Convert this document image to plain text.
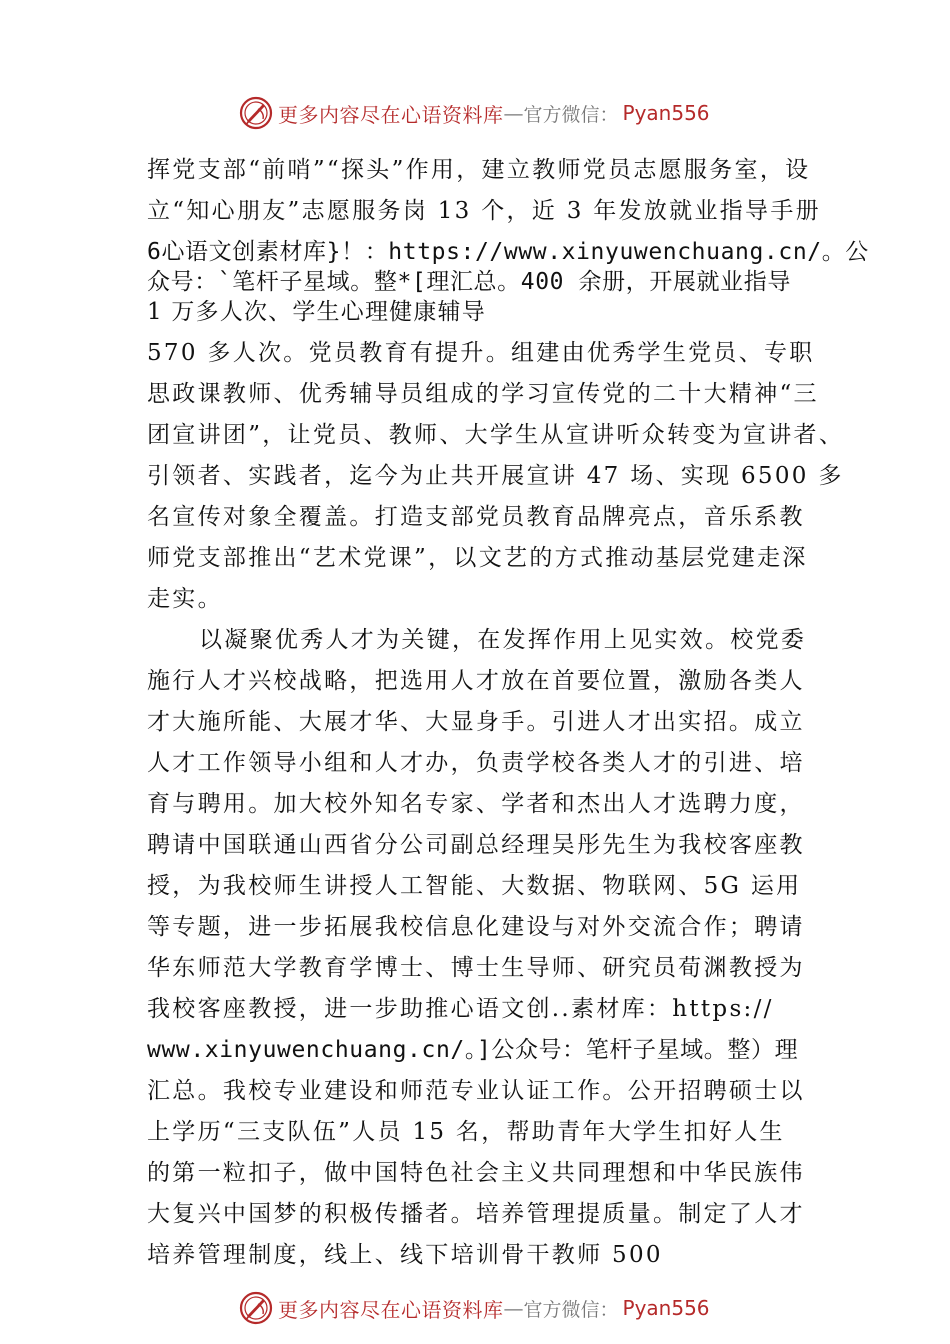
更多内容尽在心语资料库 — 官方微信： Pyan556
挥党支部“前哨”“探头”作用，建立教师党员志愿服务室，设
立“知心朋友”志愿服务岗 13 个，近 3 年发放就业指导手册
6心语文创素材库}！：https://www.xinyuwenchuang.cn/。公
众号：`笔杆子星域。整*[理汇总。400 余册，开展就业指导
1 万多人次、学生心理健康辅导
570 多人次。党员教育有提升。组建由优秀学生党员、专职
思政课教师、优秀辅导员组成的学习宣传党的二十大精神“三
团宣讲团”，让党员、教师、大学生从宣讲听众转变为宣讲者、
引领者、实践者，迄今为止共开展宣讲 47 场、实现 6500 多
名宣传对象全覆盖。打造支部党员教育品牌亮点，音乐系教
师党支部推出“艺术党课”，以文艺的方式推动基层党建走深
走实。
以凝聚优秀人才为关键，在发挥作用上见实效。校党委
施行人才兴校战略，把选用人才放在首要位置，激励各类人
才大施所能、大展才华、大显身手。引进人才出实招。成立
人才工作领导小组和人才办，负责学校各类人才的引进、培
育与聘用。加大校外知名专家、学者和杰出人才选聘力度，
聘请中国联通山西省分公司副总经理吴彤先生为我校客座教
授，为我校师生讲授人工智能、大数据、物联网、5G 运用
等专题，进一步拓展我校信息化建设与对外交流合作；聘请
华东师范大学教育学博士、博士生导师、研究员荀渊教授为
我校客座教授，进一步助推心语文创..素材库：https://
www.xinyuwenchuang.cn/。]公众号：笔杆子星域。整）理
汇总。我校专业建设和师范专业认证工作。公开招聘硕士以
上学历“三支队伍”人员 15 名，帮助青年大学生扣好人生
的第一粒扣子，做中国特色社会主义共同理想和中华民族伟
大复兴中国梦的积极传播者。培养管理提质量。制定了人才
培养管理制度，线上、线下培训骨干教师 500
更多内容尽在心语资料库 — 官方微信： Pyan556
